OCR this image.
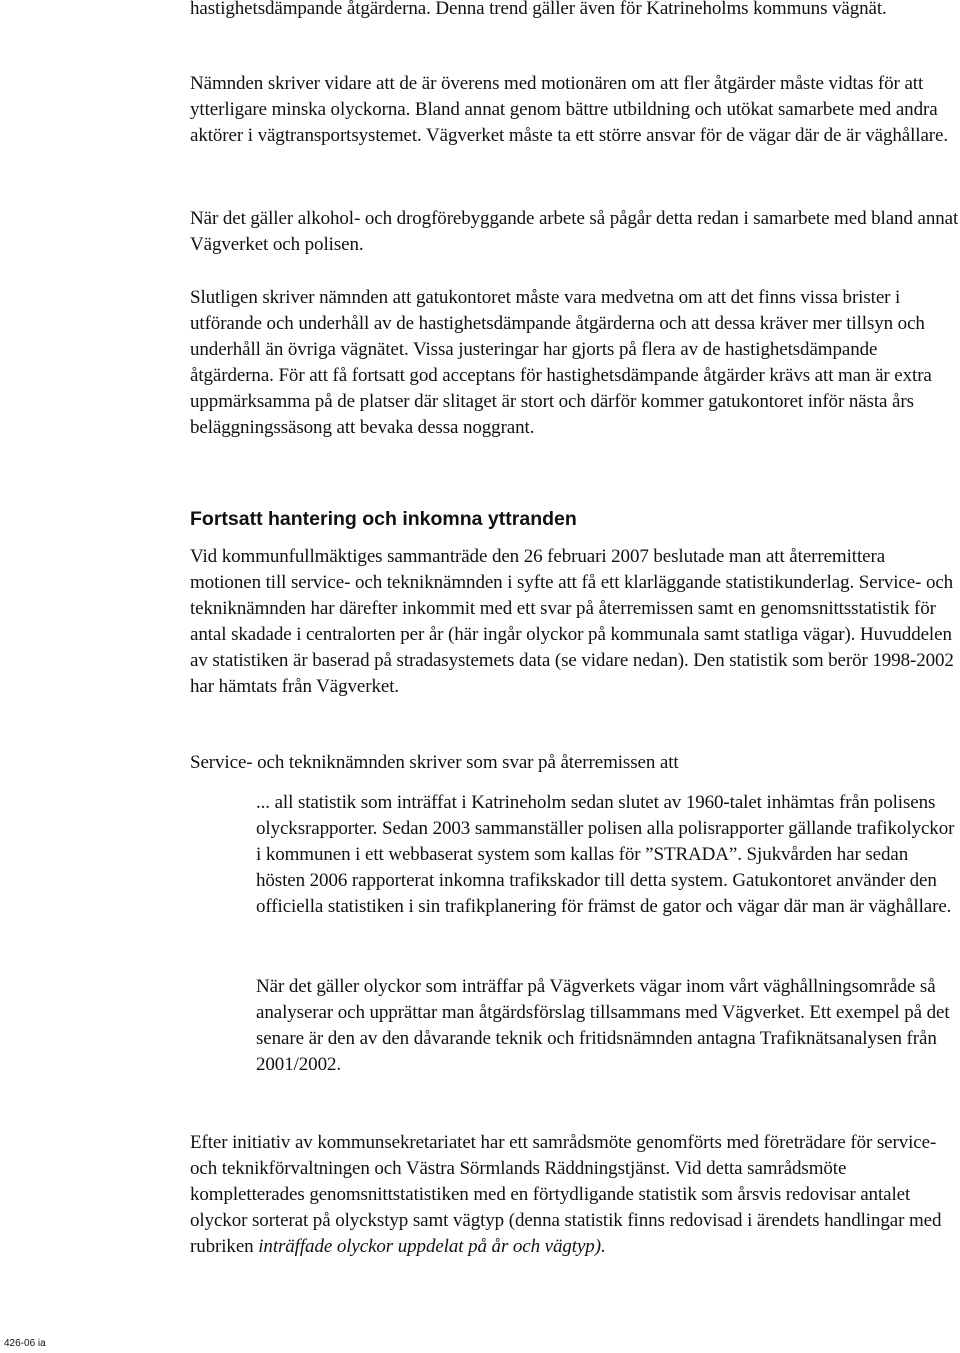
hastighetsdämpande åtgärderna. Denna trend gäller även för Katrineholms kommuns vägnät.

Nämnden skriver vidare att de är överens med motionären om att fler åtgärder måste vidtas för att ytterligare minska olyckorna. Bland annat genom bättre utbildning och utökat samarbete med andra aktörer i vägtransportsystemet. Vägverket måste ta ett större ansvar för de vägar där de är väghållare.

När det gäller alkohol- och drogförebyggande arbete så pågår detta redan i samarbete med bland annat Vägverket och polisen.

Slutligen skriver nämnden att gatukontoret måste vara medvetna om att det finns vissa brister i utförande och underhåll av de hastighetsdämpande åtgärderna och att dessa kräver mer tillsyn och underhåll än övriga vägnätet. Vissa justeringar har gjorts på flera av de hastighetsdämpande åtgärderna. För att få fortsatt god acceptans för hastighetsdämpande åtgärder krävs att man är extra uppmärksamma på de platser där slitaget är stort och därför kommer gatukontoret inför nästa års beläggningssäsong att bevaka dessa noggrant.

Fortsatt hantering och inkomna yttranden

Vid kommunfullmäktiges sammanträde den 26 februari 2007 beslutade man att återremittera motionen till service- och tekniknämnden i syfte att få ett klarläggande statistikunderlag. Service- och tekniknämnden har därefter inkommit med ett svar på återremissen samt en genomsnittsstatistik för antal skadade i centralorten per år (här ingår olyckor på kommunala samt statliga vägar). Huvuddelen av statistiken är baserad på stradasystemets data (se vidare nedan). Den statistik som berör 1998-2002 har hämtats från Vägverket.

Service- och tekniknämnden skriver som svar på återremissen att

... all statistik som inträffat i Katrineholm sedan slutet av 1960-talet inhämtas från polisens olycksrapporter. Sedan 2003 sammanställer polisen alla polisrapporter gällande trafikolyckor i kommunen i ett webbaserat system som kallas för ”STRADA”. Sjukvården har sedan hösten 2006 rapporterat inkomna trafikskador till detta system. Gatukontoret använder den officiella statistiken i sin trafikplanering för främst de gator och vägar där man är väghållare.

När det gäller olyckor som inträffar på Vägverkets vägar inom vårt väghållningsområde så analyserar och upprättar man åtgärdsförslag tillsammans med Vägverket. Ett exempel på det senare är den av den dåvarande teknik och fritidsnämnden antagna Trafiknätsanalysen från 2001/2002.

Efter initiativ av kommunsekretariatet har ett samrådsmöte genomförts med företrädare för service- och teknikförvaltningen och Västra Sörmlands Räddningstjänst. Vid detta samrådsmöte kompletterades genomsnittstatistiken med en förtydligande statistik som årsvis redovisar antalet olyckor sorterat på olyckstyp samt vägtyp (denna statistik finns redovisad i ärendets handlingar med rubriken inträffade olyckor uppdelat på år och vägtyp).

426-06 ia
